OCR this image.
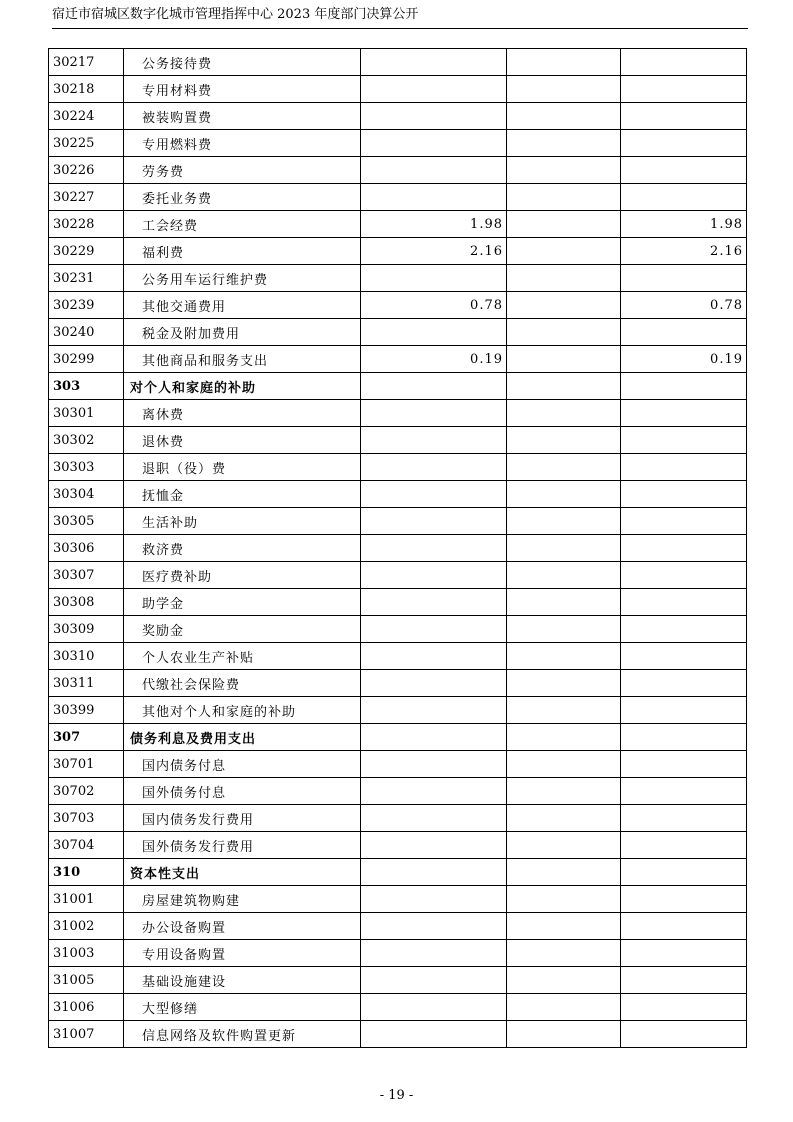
宿迁市宿城区数字化城市管理指挥中心 2023 年度部门决算公开
30217	公务接待费			
30218	专用材料费			
30224	被装购置费			
30225	专用燃料费			
30226	劳务费			
30227	委托业务费			
30228	工会经费	1.98		1.98
30229	福利费	2.16		2.16
30231	公务用车运行维护费			
30239	其他交通费用	0.78		0.78
30240	税金及附加费用			
30299	其他商品和服务支出	0.19		0.19
303	对个人和家庭的补助			
30301	离休费			
30302	退休费			
30303	退职（役）费			
30304	抚恤金			
30305	生活补助			
30306	救济费			
30307	医疗费补助			
30308	助学金			
30309	奖励金			
30310	个人农业生产补贴			
30311	代缴社会保险费			
30399	其他对个人和家庭的补助			
307	债务利息及费用支出			
30701	国内债务付息			
30702	国外债务付息			
30703	国内债务发行费用			
30704	国外债务发行费用			
310	资本性支出			
31001	房屋建筑物购建			
31002	办公设备购置			
31003	专用设备购置			
31005	基础设施建设			
31006	大型修缮			
31007	信息网络及软件购置更新			
- 19 -
